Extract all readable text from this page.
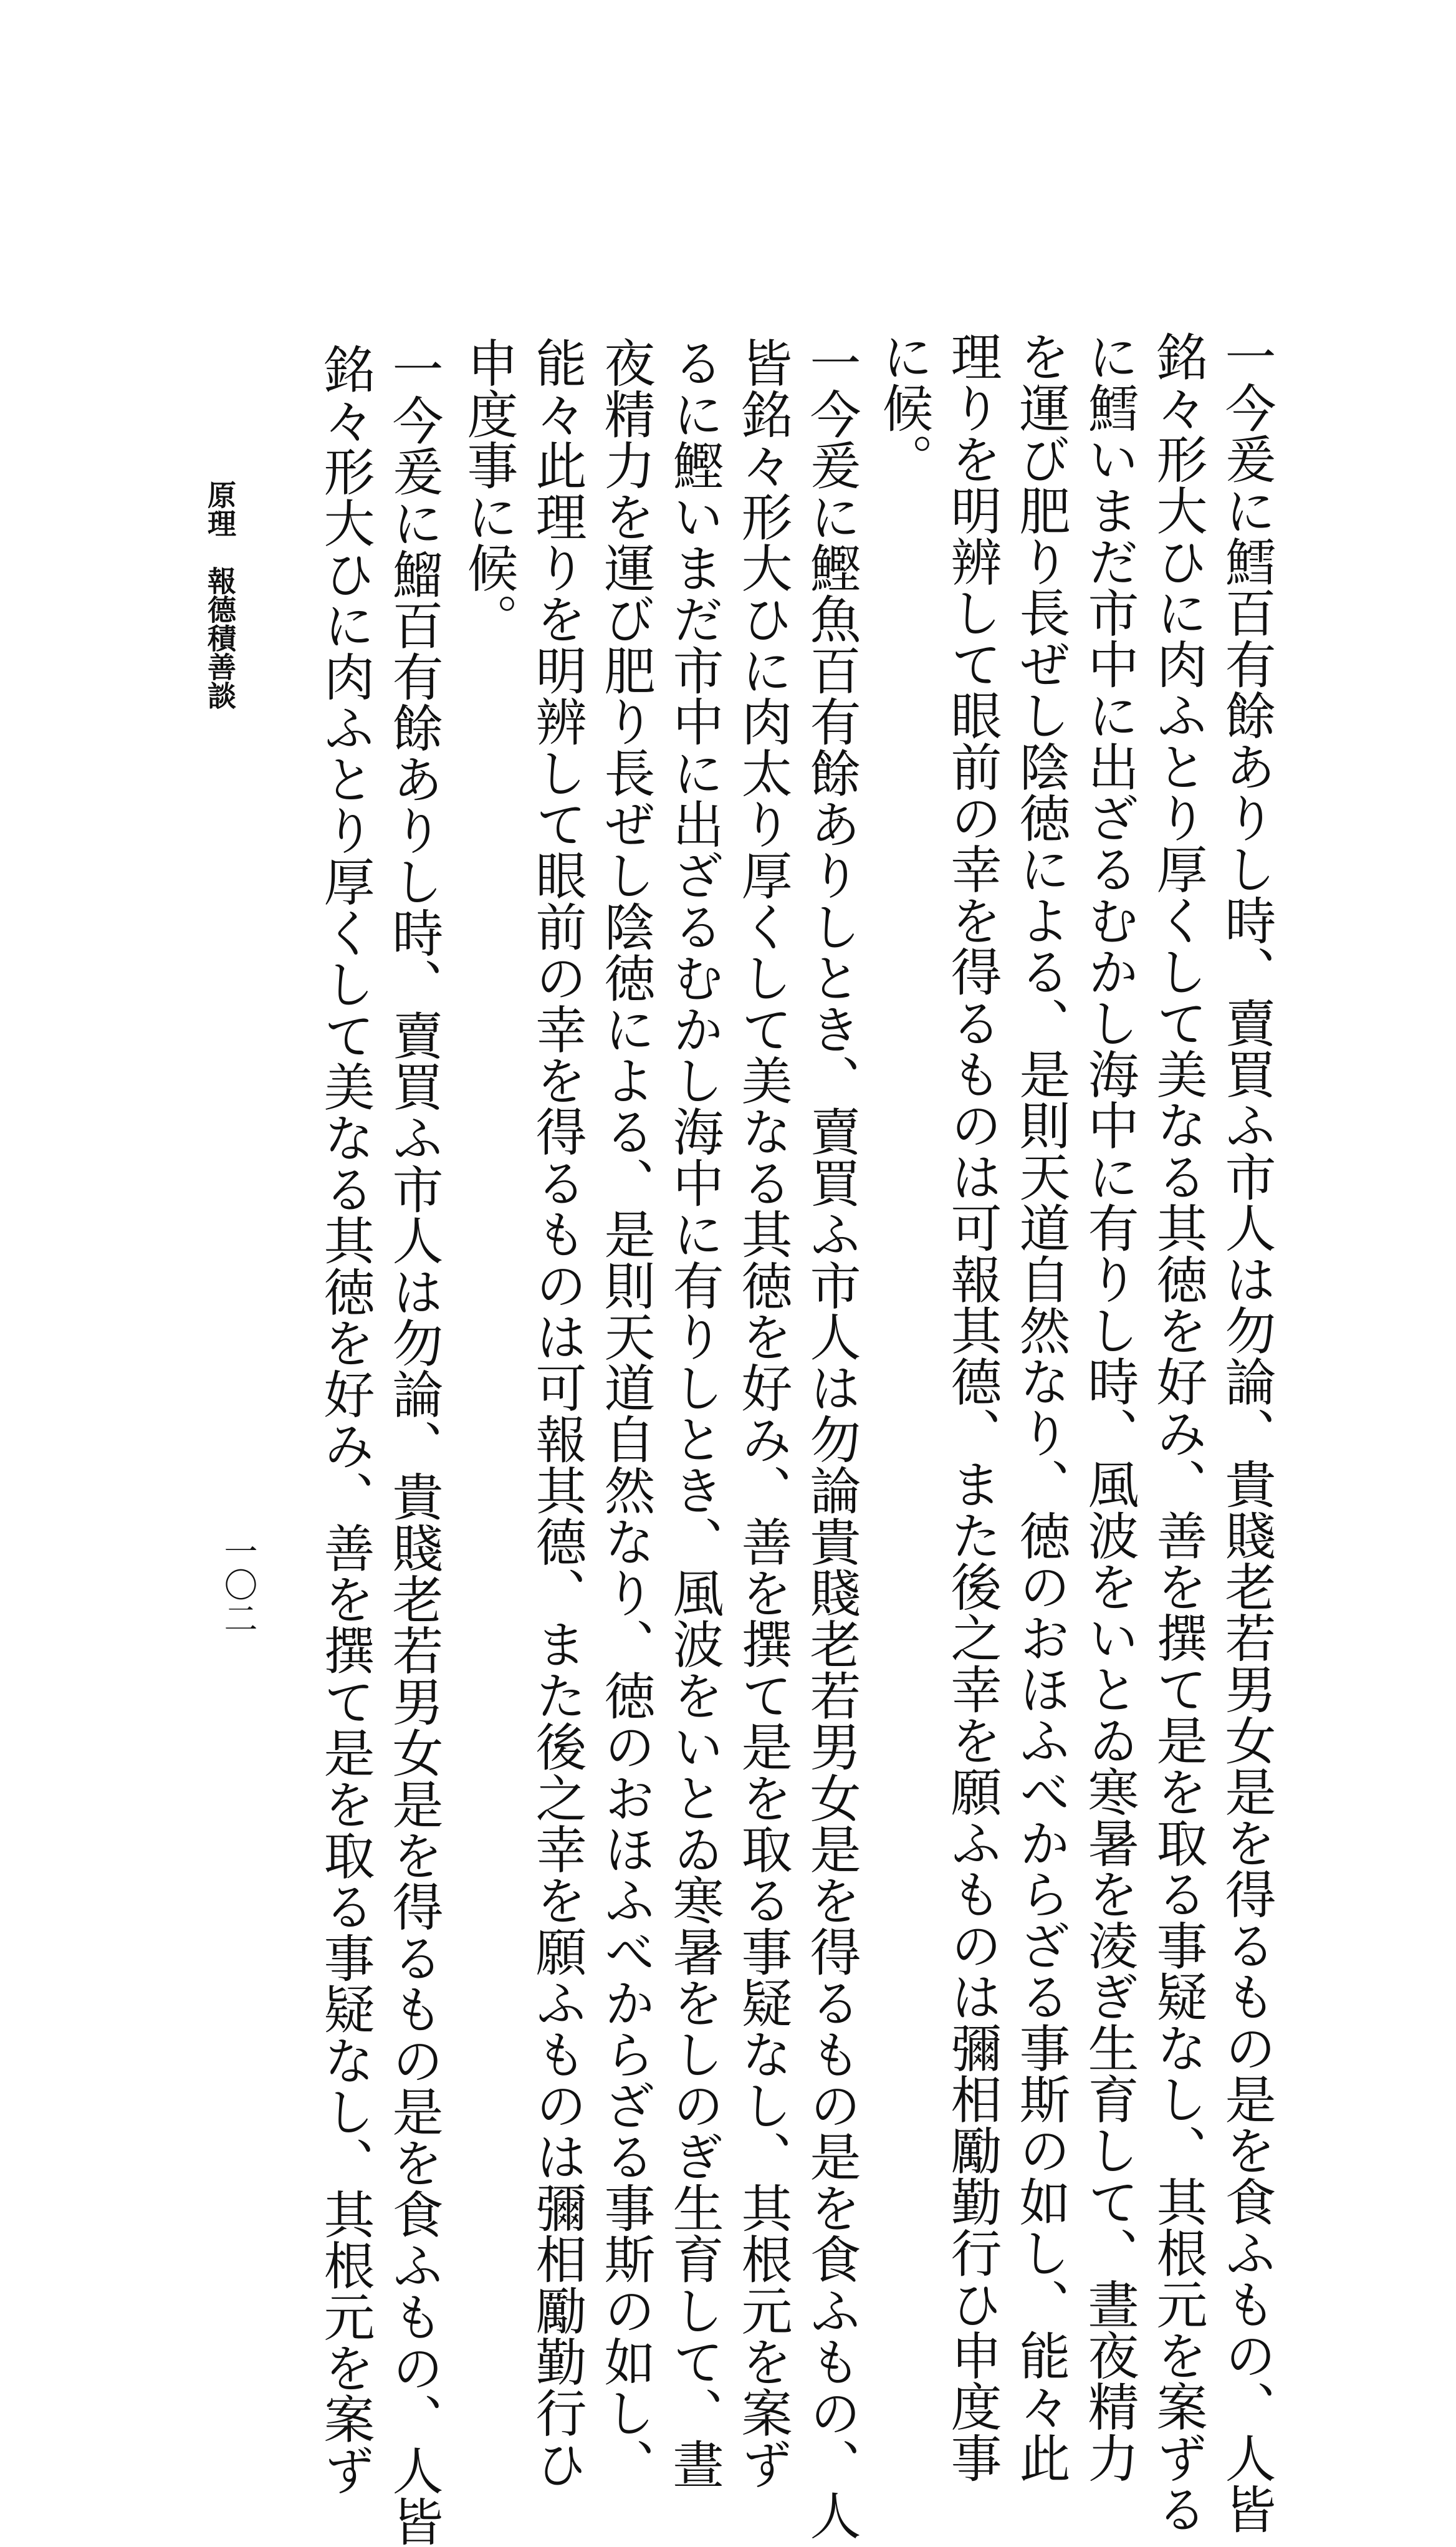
一今爰に鱈百有餘ありし時、賣買ふ市人は勿論、貴賤老若男女是を得るもの是を食ふもの、人皆
銘々形大ひに肉ふとり厚くして美なる其徳を好み、善を撰て是を取る事疑なし、其根元を案ずる
に鱈いまだ市中に出ざるむかし海中に有りし時、風波をいとゐ寒暑を淩ぎ生育して、晝夜精力
を運び肥り長ぜし陰徳による、是則天道自然なり、徳のおほふべからざる事斯の如し、能々此
理りを明辨して眼前の幸を得るものは可報其德、また後之幸を願ふものは彌相勵勤行ひ申度事
に候。
一今爰に鰹魚百有餘ありしとき、賣買ふ市人は勿論貴賤老若男女是を得るもの是を食ふもの、人
皆銘々形大ひに肉太り厚くして美なる其徳を好み、善を撰て是を取る事疑なし、其根元を案ず
るに鰹いまだ市中に出ざるむかし海中に有りしとき、風波をいとゐ寒暑をしのぎ生育して、晝
夜精力を運び肥り長ぜし陰徳による、是則天道自然なり、徳のおほふべからざる事斯の如し、
能々此理りを明辨して眼前の幸を得るものは可報其德、また後之幸を願ふものは彌相勵勤行ひ
申度事に候。
一今爰に鰡百有餘ありし時、賣買ふ市人は勿論、貴賤老若男女是を得るもの是を食ふもの、人皆
銘々形大ひに肉ふとり厚くして美なる其徳を好み、善を撰て是を取る事疑なし、其根元を案ず
原理　報德積善談
一〇二
